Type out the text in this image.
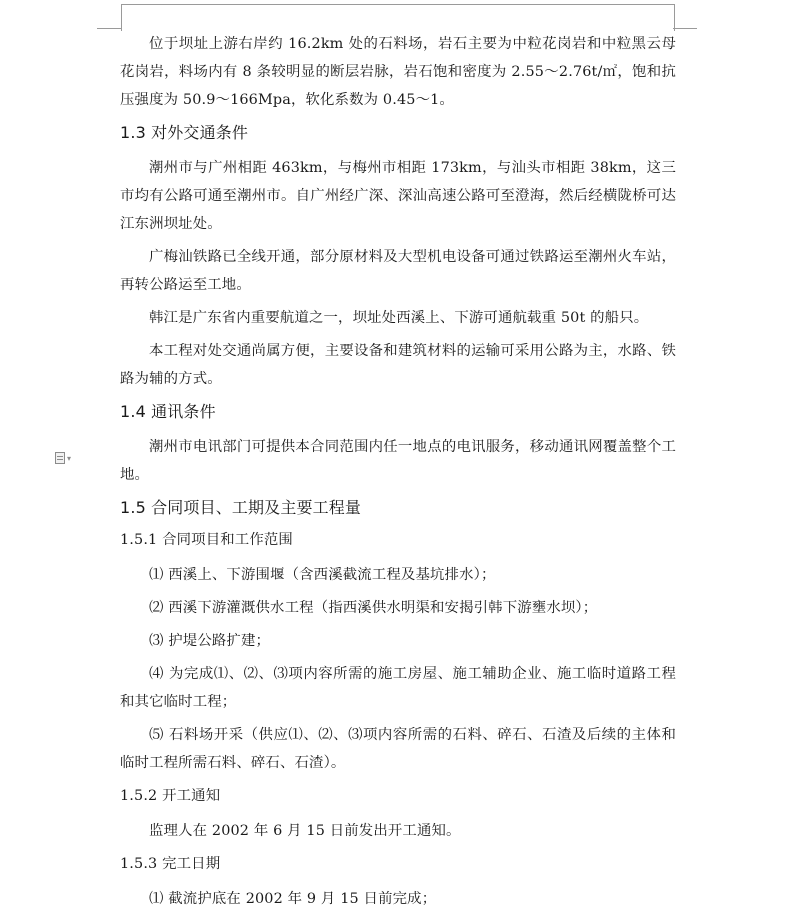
▾

位于坝址上游右岸约 16.2km 处的石料场，岩石主要为中粒花岗岩和中粒黑云母花岗岩，料场内有 8 条较明显的断层岩脉，岩石饱和密度为 2.55～2.76t/㎡，饱和抗压强度为 50.9～166Mpa，软化系数为 0.45～1。

1.3 对外交通条件

潮州市与广州相距 463km，与梅州市相距 173km，与汕头市相距 38km，这三市均有公路可通至潮州市。自广州经广深、深汕高速公路可至澄海，然后经横陇桥可达江东洲坝址处。

广梅汕铁路已全线开通，部分原材料及大型机电设备可通过铁路运至潮州火车站，再转公路运至工地。

韩江是广东省内重要航道之一，坝址处西溪上、下游可通航载重 50t 的船只。

本工程对处交通尚属方便，主要设备和建筑材料的运输可采用公路为主，水路、铁路为辅的方式。

1.4 通讯条件

潮州市电讯部门可提供本合同范围内任一地点的电讯服务，移动通讯网覆盖整个工地。

1.5 合同项目、工期及主要工程量
1.5.1 合同项目和工作范围

⑴ 西溪上、下游围堰（含西溪截流工程及基坑排水）；

⑵ 西溪下游灌溉供水工程（指西溪供水明渠和安揭引韩下游壅水坝）；

⑶ 护堤公路扩建；

⑷ 为完成⑴、⑵、⑶项内容所需的施工房屋、施工辅助企业、施工临时道路工程和其它临时工程；

⑸ 石料场开采（供应⑴、⑵、⑶项内容所需的石料、碎石、石渣及后续的主体和临时工程所需石料、碎石、石渣）。

1.5.2 开工通知

监理人在 2002 年 6 月 15 日前发出开工通知。

1.5.3 完工日期

⑴ 截流护底在 2002 年 9 月 15 日前完成；
